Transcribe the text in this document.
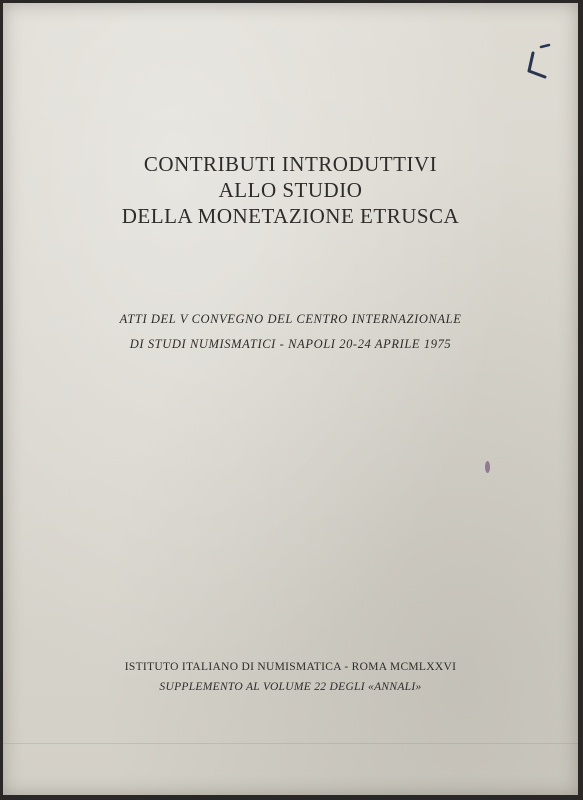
CONTRIBUTI INTRODUTTIVI
ALLO STUDIO
DELLA MONETAZIONE ETRUSCA
ATTI DEL V CONVEGNO DEL CENTRO INTERNAZIONALE
DI STUDI NUMISMATICI - NAPOLI 20-24 APRILE 1975
ISTITUTO ITALIANO DI NUMISMATICA - ROMA MCMLXXVI
SUPPLEMENTO AL VOLUME 22 DEGLI «ANNALI»
